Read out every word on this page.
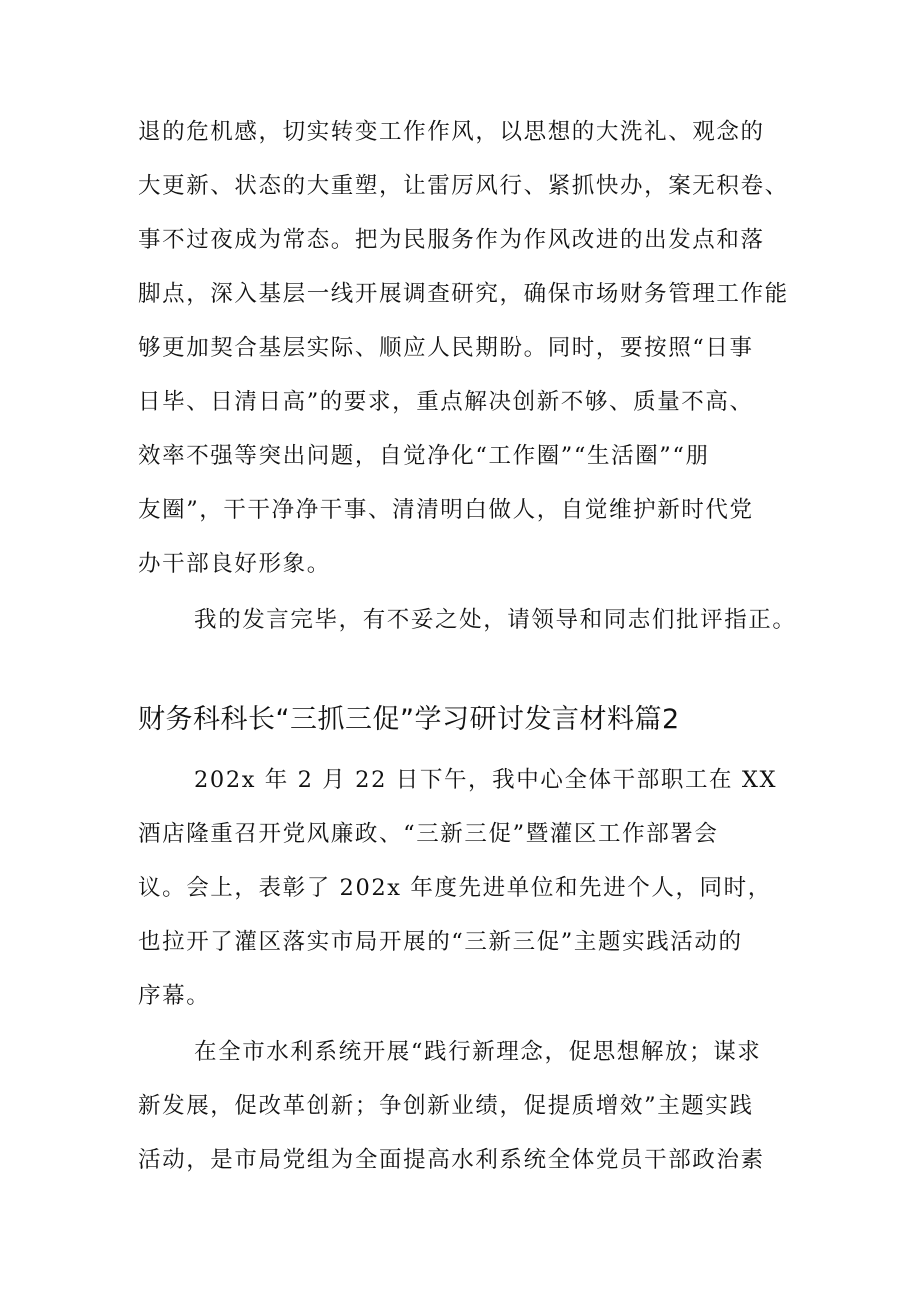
退的危机感，切实转变工作作风，以思想的大洗礼、观念的
大更新、状态的大重塑，让雷厉风行、紧抓快办，案无积卷、
事不过夜成为常态。把为民服务作为作风改进的出发点和落
脚点，深入基层一线开展调查研究，确保市场财务管理工作能
够更加契合基层实际、顺应人民期盼。同时，要按照“日事
日毕、日清日高”的要求，重点解决创新不够、质量不高、
效率不强等突出问题，自觉净化“工作圈”“生活圈”“朋
友圈”，干干净净干事、清清明白做人，自觉维护新时代党
办干部良好形象。
我的发言完毕，有不妥之处，请领导和同志们批评指正。
财务科科长“三抓三促”学习研讨发言材料篇2
202x 年 2 月 22 日下午，我中心全体干部职工在 XX
酒店隆重召开党风廉政、“三新三促”暨灌区工作部署会
议。会上，表彰了 202x 年度先进单位和先进个人，同时，
也拉开了灌区落实市局开展的“三新三促”主题实践活动的
序幕。
在全市水利系统开展“践行新理念，促思想解放；谋求
新发展，促改革创新；争创新业绩，促提质增效”主题实践
活动，是市局党组为全面提高水利系统全体党员干部政治素
